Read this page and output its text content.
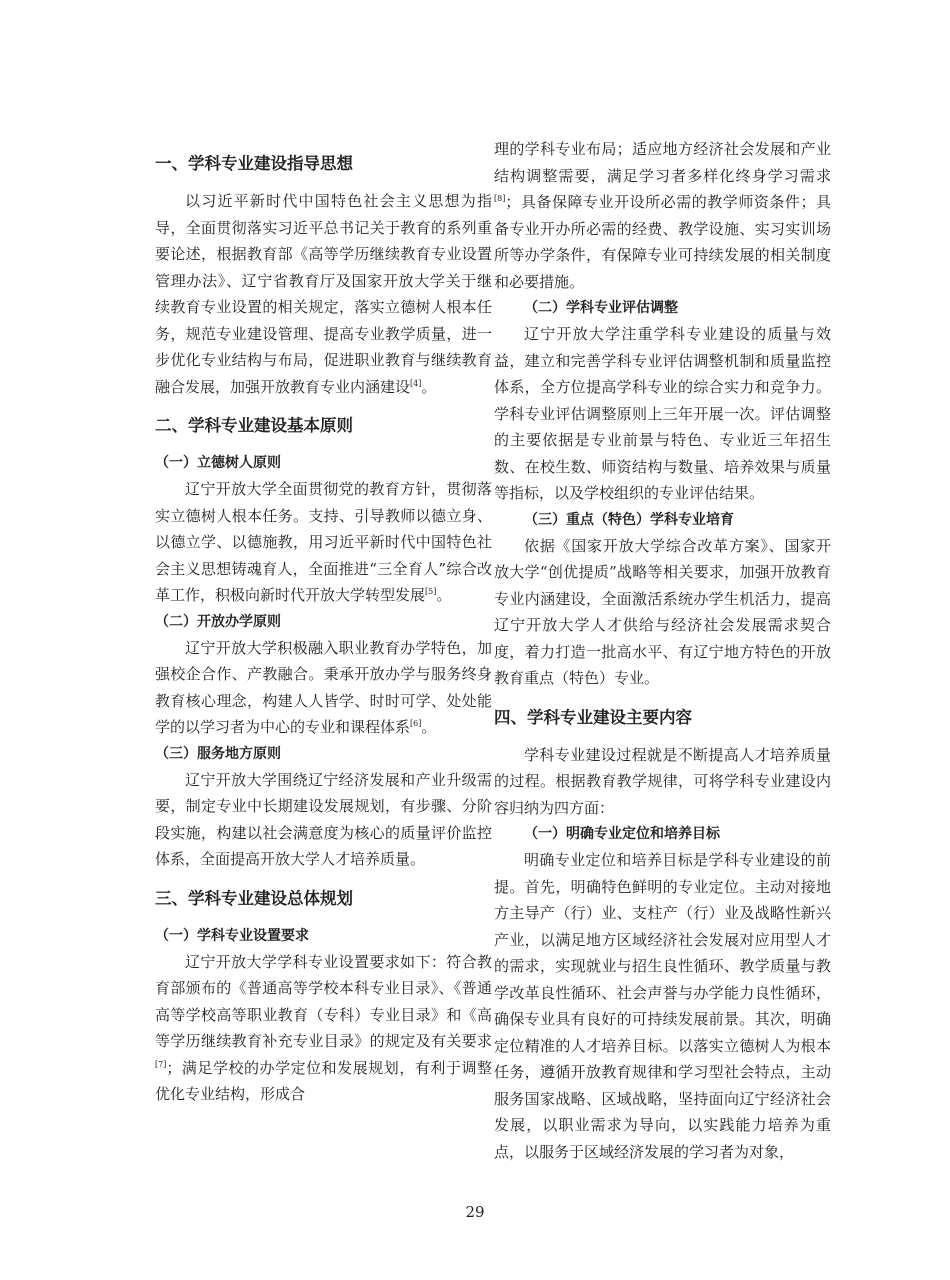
一、学科专业建设指导思想

以习近平新时代中国特色社会主义思想为指导，全面贯彻落实习近平总书记关于教育的系列重要论述，根据教育部《高等学历继续教育专业设置管理办法》、辽宁省教育厅及国家开放大学关于继续教育专业设置的相关规定，落实立德树人根本任务，规范专业建设管理、提高专业教学质量，进一步优化专业结构与布局，促进职业教育与继续教育融合发展，加强开放教育专业内涵建设[4]。

二、学科专业建设基本原则
（一）立德树人原则

辽宁开放大学全面贯彻党的教育方针，贯彻落实立德树人根本任务。支持、引导教师以德立身、以德立学、以德施教，用习近平新时代中国特色社会主义思想铸魂育人，全面推进“三全育人”综合改革工作，积极向新时代开放大学转型发展[5]。

（二）开放办学原则

辽宁开放大学积极融入职业教育办学特色，加强校企合作、产教融合。秉承开放办学与服务终身教育核心理念，构建人人皆学、时时可学、处处能学的以学习者为中心的专业和课程体系[6]。

（三）服务地方原则

辽宁开放大学围绕辽宁经济发展和产业升级需要，制定专业中长期建设发展规划，有步骤、分阶段实施，构建以社会满意度为核心的质量评价监控体系，全面提高开放大学人才培养质量。

三、学科专业建设总体规划
（一）学科专业设置要求

辽宁开放大学学科专业设置要求如下：符合教育部颁布的《普通高等学校本科专业目录》、《普通高等学校高等职业教育（专科）专业目录》和《高等学历继续教育补充专业目录》的规定及有关要求[7]；满足学校的办学定位和发展规划，有利于调整优化专业结构，形成合

理的学科专业布局；适应地方经济社会发展和产业结构调整需要，满足学习者多样化终身学习需求[8]；具备保障专业开设所必需的教学师资条件；具备专业开办所必需的经费、教学设施、实习实训场所等办学条件，有保障专业可持续发展的相关制度和必要措施。

（二）学科专业评估调整

辽宁开放大学注重学科专业建设的质量与效益，建立和完善学科专业评估调整机制和质量监控体系，全方位提高学科专业的综合实力和竞争力。学科专业评估调整原则上三年开展一次。评估调整的主要依据是专业前景与特色、专业近三年招生数、在校生数、师资结构与数量、培养效果与质量等指标，以及学校组织的专业评估结果。

（三）重点（特色）学科专业培育

依据《国家开放大学综合改革方案》、国家开放大学“创优提质”战略等相关要求，加强开放教育专业内涵建设，全面激活系统办学生机活力，提高辽宁开放大学人才供给与经济社会发展需求契合度，着力打造一批高水平、有辽宁地方特色的开放教育重点（特色）专业。

四、学科专业建设主要内容

学科专业建设过程就是不断提高人才培养质量的过程。根据教育教学规律，可将学科专业建设内容归纳为四方面：

（一）明确专业定位和培养目标

明确专业定位和培养目标是学科专业建设的前提。首先，明确特色鲜明的专业定位。主动对接地方主导产（行）业、支柱产（行）业及战略性新兴产业，以满足地方区域经济社会发展对应用型人才的需求，实现就业与招生良性循环、教学质量与教学改革良性循环、社会声誉与办学能力良性循环，确保专业具有良好的可持续发展前景。其次，明确定位精准的人才培养目标。以落实立德树人为根本任务，遵循开放教育规律和学习型社会特点，主动服务国家战略、区域战略，坚持面向辽宁经济社会发展，以职业需求为导向，以实践能力培养为重点，以服务于区域经济发展的学习者为对象，

29
